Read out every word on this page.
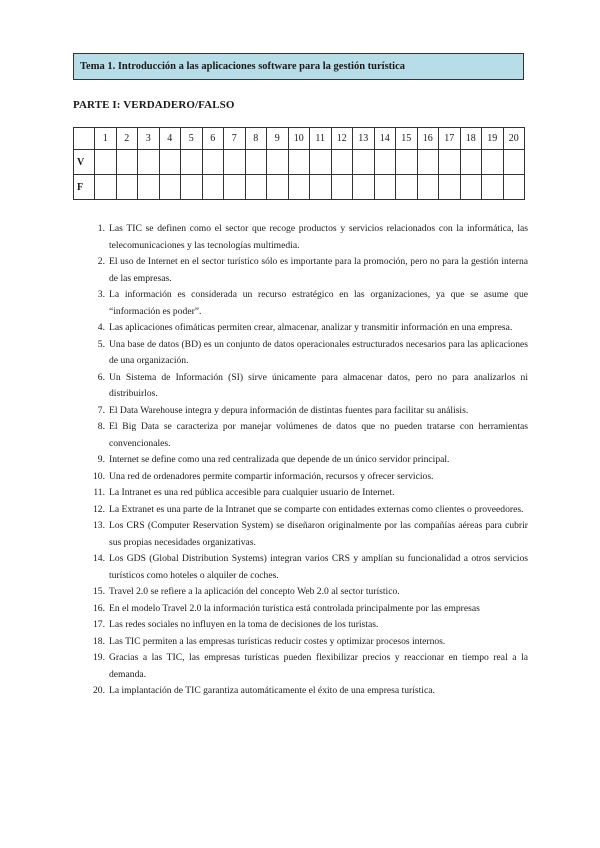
Tema 1. Introducción a las aplicaciones software para la gestión turística
PARTE I: VERDADERO/FALSO
	1	2	3	4	5	6	7	8	9	10	11	12	13	14	15	16	17	18	19	20
V																				
F																				
1. Las TIC se definen como el sector que recoge productos y servicios relacionados con la informática, las telecomunicaciones y las tecnologías multimedia.
2. El uso de Internet en el sector turístico sólo es importante para la promoción, pero no para la gestión interna de las empresas.
3. La información es considerada un recurso estratégico en las organizaciones, ya que se asume que “información es poder”.
4. Las aplicaciones ofimáticas permiten crear, almacenar, analizar y transmitir información en una empresa.
5. Una base de datos (BD) es un conjunto de datos operacionales estructurados necesarios para las aplicaciones de una organización.
6. Un Sistema de Información (SI) sirve únicamente para almacenar datos, pero no para analizarlos ni distribuirlos.
7. El Data Warehouse integra y depura información de distintas fuentes para facilitar su análisis.
8. El Big Data se caracteriza por manejar volúmenes de datos que no pueden tratarse con herramientas convencionales.
9. Internet se define como una red centralizada que depende de un único servidor principal.
10. Una red de ordenadores permite compartir información, recursos y ofrecer servicios.
11. La Intranet es una red pública accesible para cualquier usuario de Internet.
12. La Extranet es una parte de la Intranet que se comparte con entidades externas como clientes o proveedores.
13. Los CRS (Computer Reservation System) se diseñaron originalmente por las compañías aéreas para cubrir sus propias necesidades organizativas.
14. Los GDS (Global Distribution Systems) integran varios CRS y amplían su funcionalidad a otros servicios turísticos como hoteles o alquiler de coches.
15. Travel 2.0 se refiere a la aplicación del concepto Web 2.0 al sector turístico.
16. En el modelo Travel 2.0 la información turística está controlada principalmente por las empresas
17. Las redes sociales no influyen en la toma de decisiones de los turistas.
18. Las TIC permiten a las empresas turísticas reducir costes y optimizar procesos internos.
19. Gracias a las TIC, las empresas turísticas pueden flexibilizar precios y reaccionar en tiempo real a la demanda.
20. La implantación de TIC garantiza automáticamente el éxito de una empresa turística.
